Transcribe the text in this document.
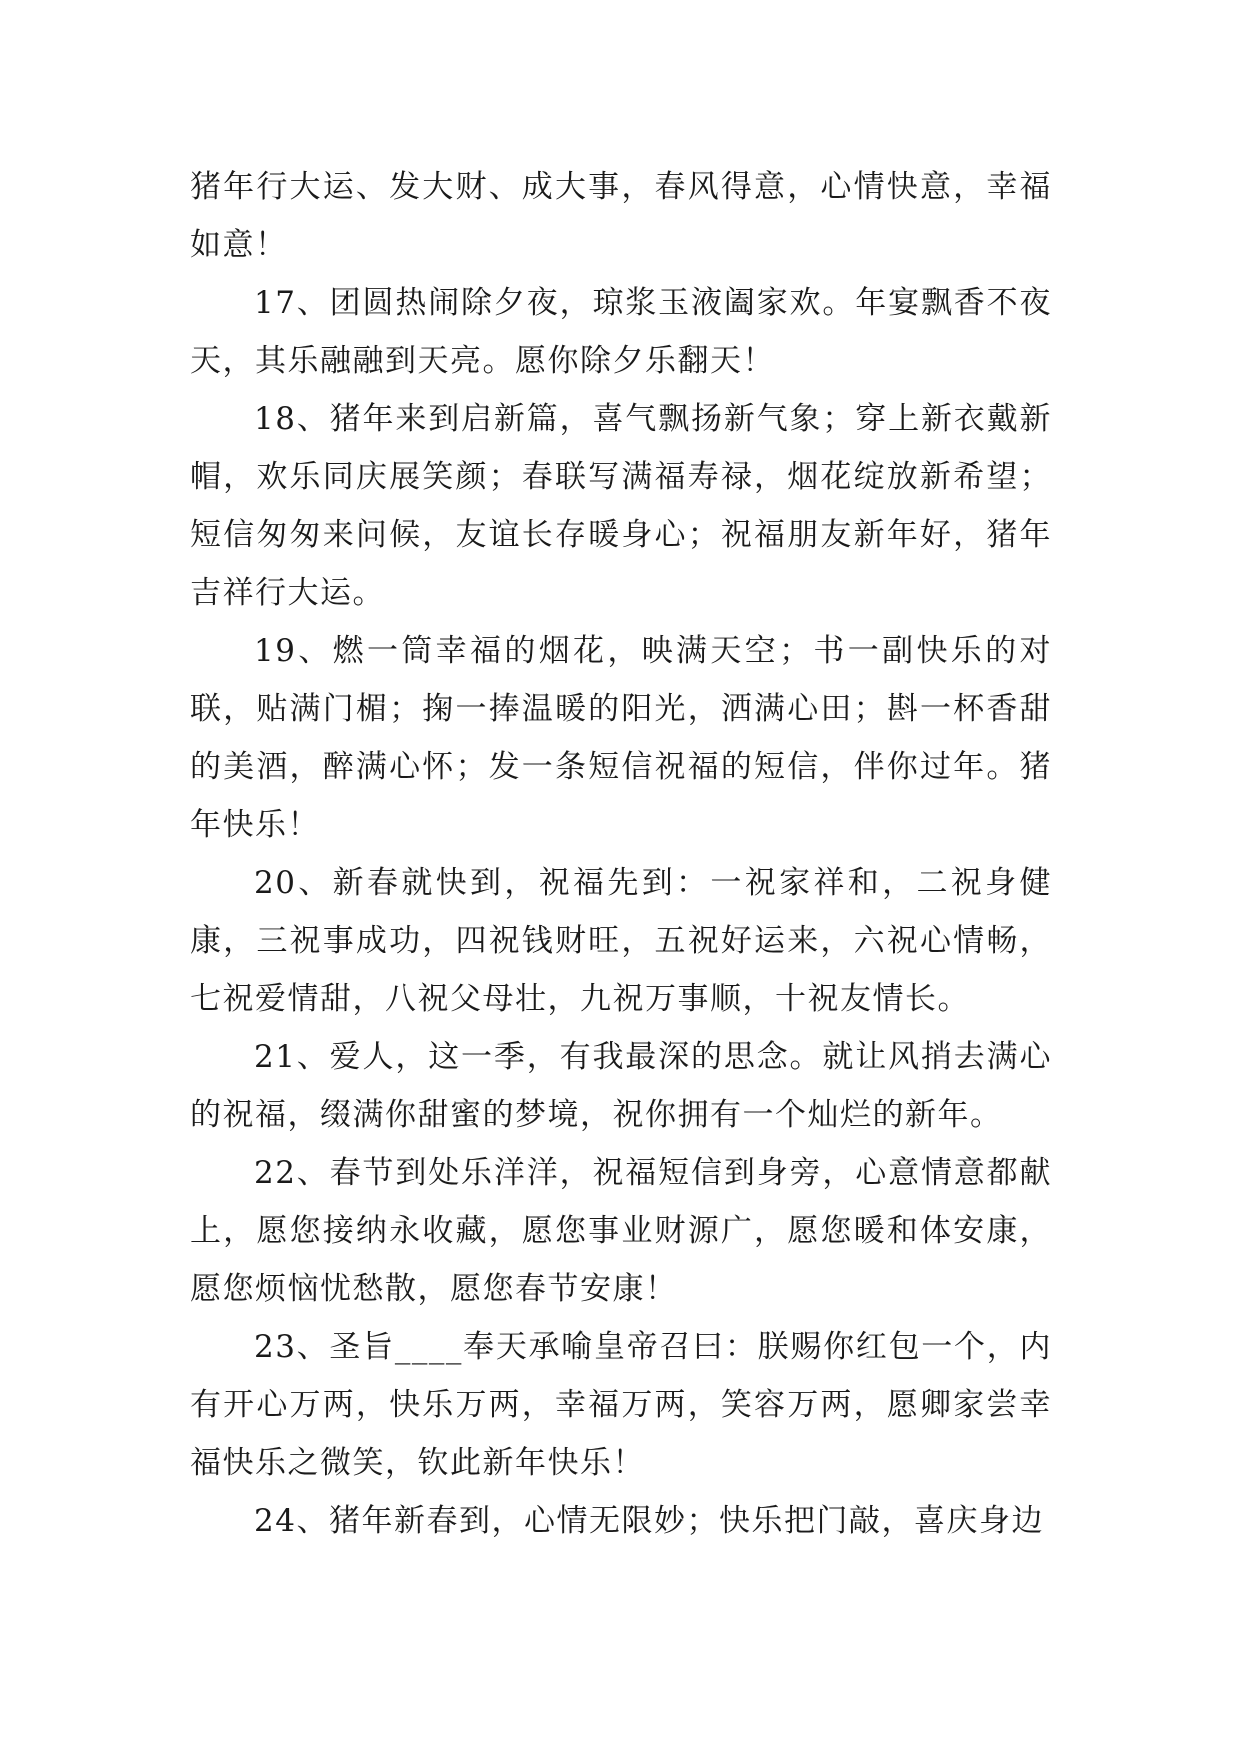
猪年行大运、发大财、成大事，春风得意，心情快意，幸福如意！

17、团圆热闹除夕夜，琼浆玉液阖家欢。年宴飘香不夜天，其乐融融到天亮。愿你除夕乐翻天！

18、猪年来到启新篇，喜气飘扬新气象；穿上新衣戴新帽，欢乐同庆展笑颜；春联写满福寿禄，烟花绽放新希望；短信匆匆来问候，友谊长存暖身心；祝福朋友新年好，猪年吉祥行大运。

19、燃一筒幸福的烟花，映满天空；书一副快乐的对联，贴满门楣；掬一捧温暖的阳光，洒满心田；斟一杯香甜的美酒，醉满心怀；发一条短信祝福的短信，伴你过年。猪年快乐！

20、新春就快到，祝福先到：一祝家祥和，二祝身健康，三祝事成功，四祝钱财旺，五祝好运来，六祝心情畅，七祝爱情甜，八祝父母壮，九祝万事顺，十祝友情长。

21、爱人，这一季，有我最深的思念。就让风捎去满心的祝福，缀满你甜蜜的梦境，祝你拥有一个灿烂的新年。

22、春节到处乐洋洋，祝福短信到身旁，心意情意都献上，愿您接纳永收藏，愿您事业财源广，愿您暖和体安康，愿您烦恼忧愁散，愿您春节安康！

23、圣旨____奉天承喻皇帝召曰：朕赐你红包一个，内有开心万两，快乐万两，幸福万两，笑容万两，愿卿家尝幸福快乐之微笑，钦此新年快乐！

24、猪年新春到，心情无限妙；快乐把门敲，喜庆身边
